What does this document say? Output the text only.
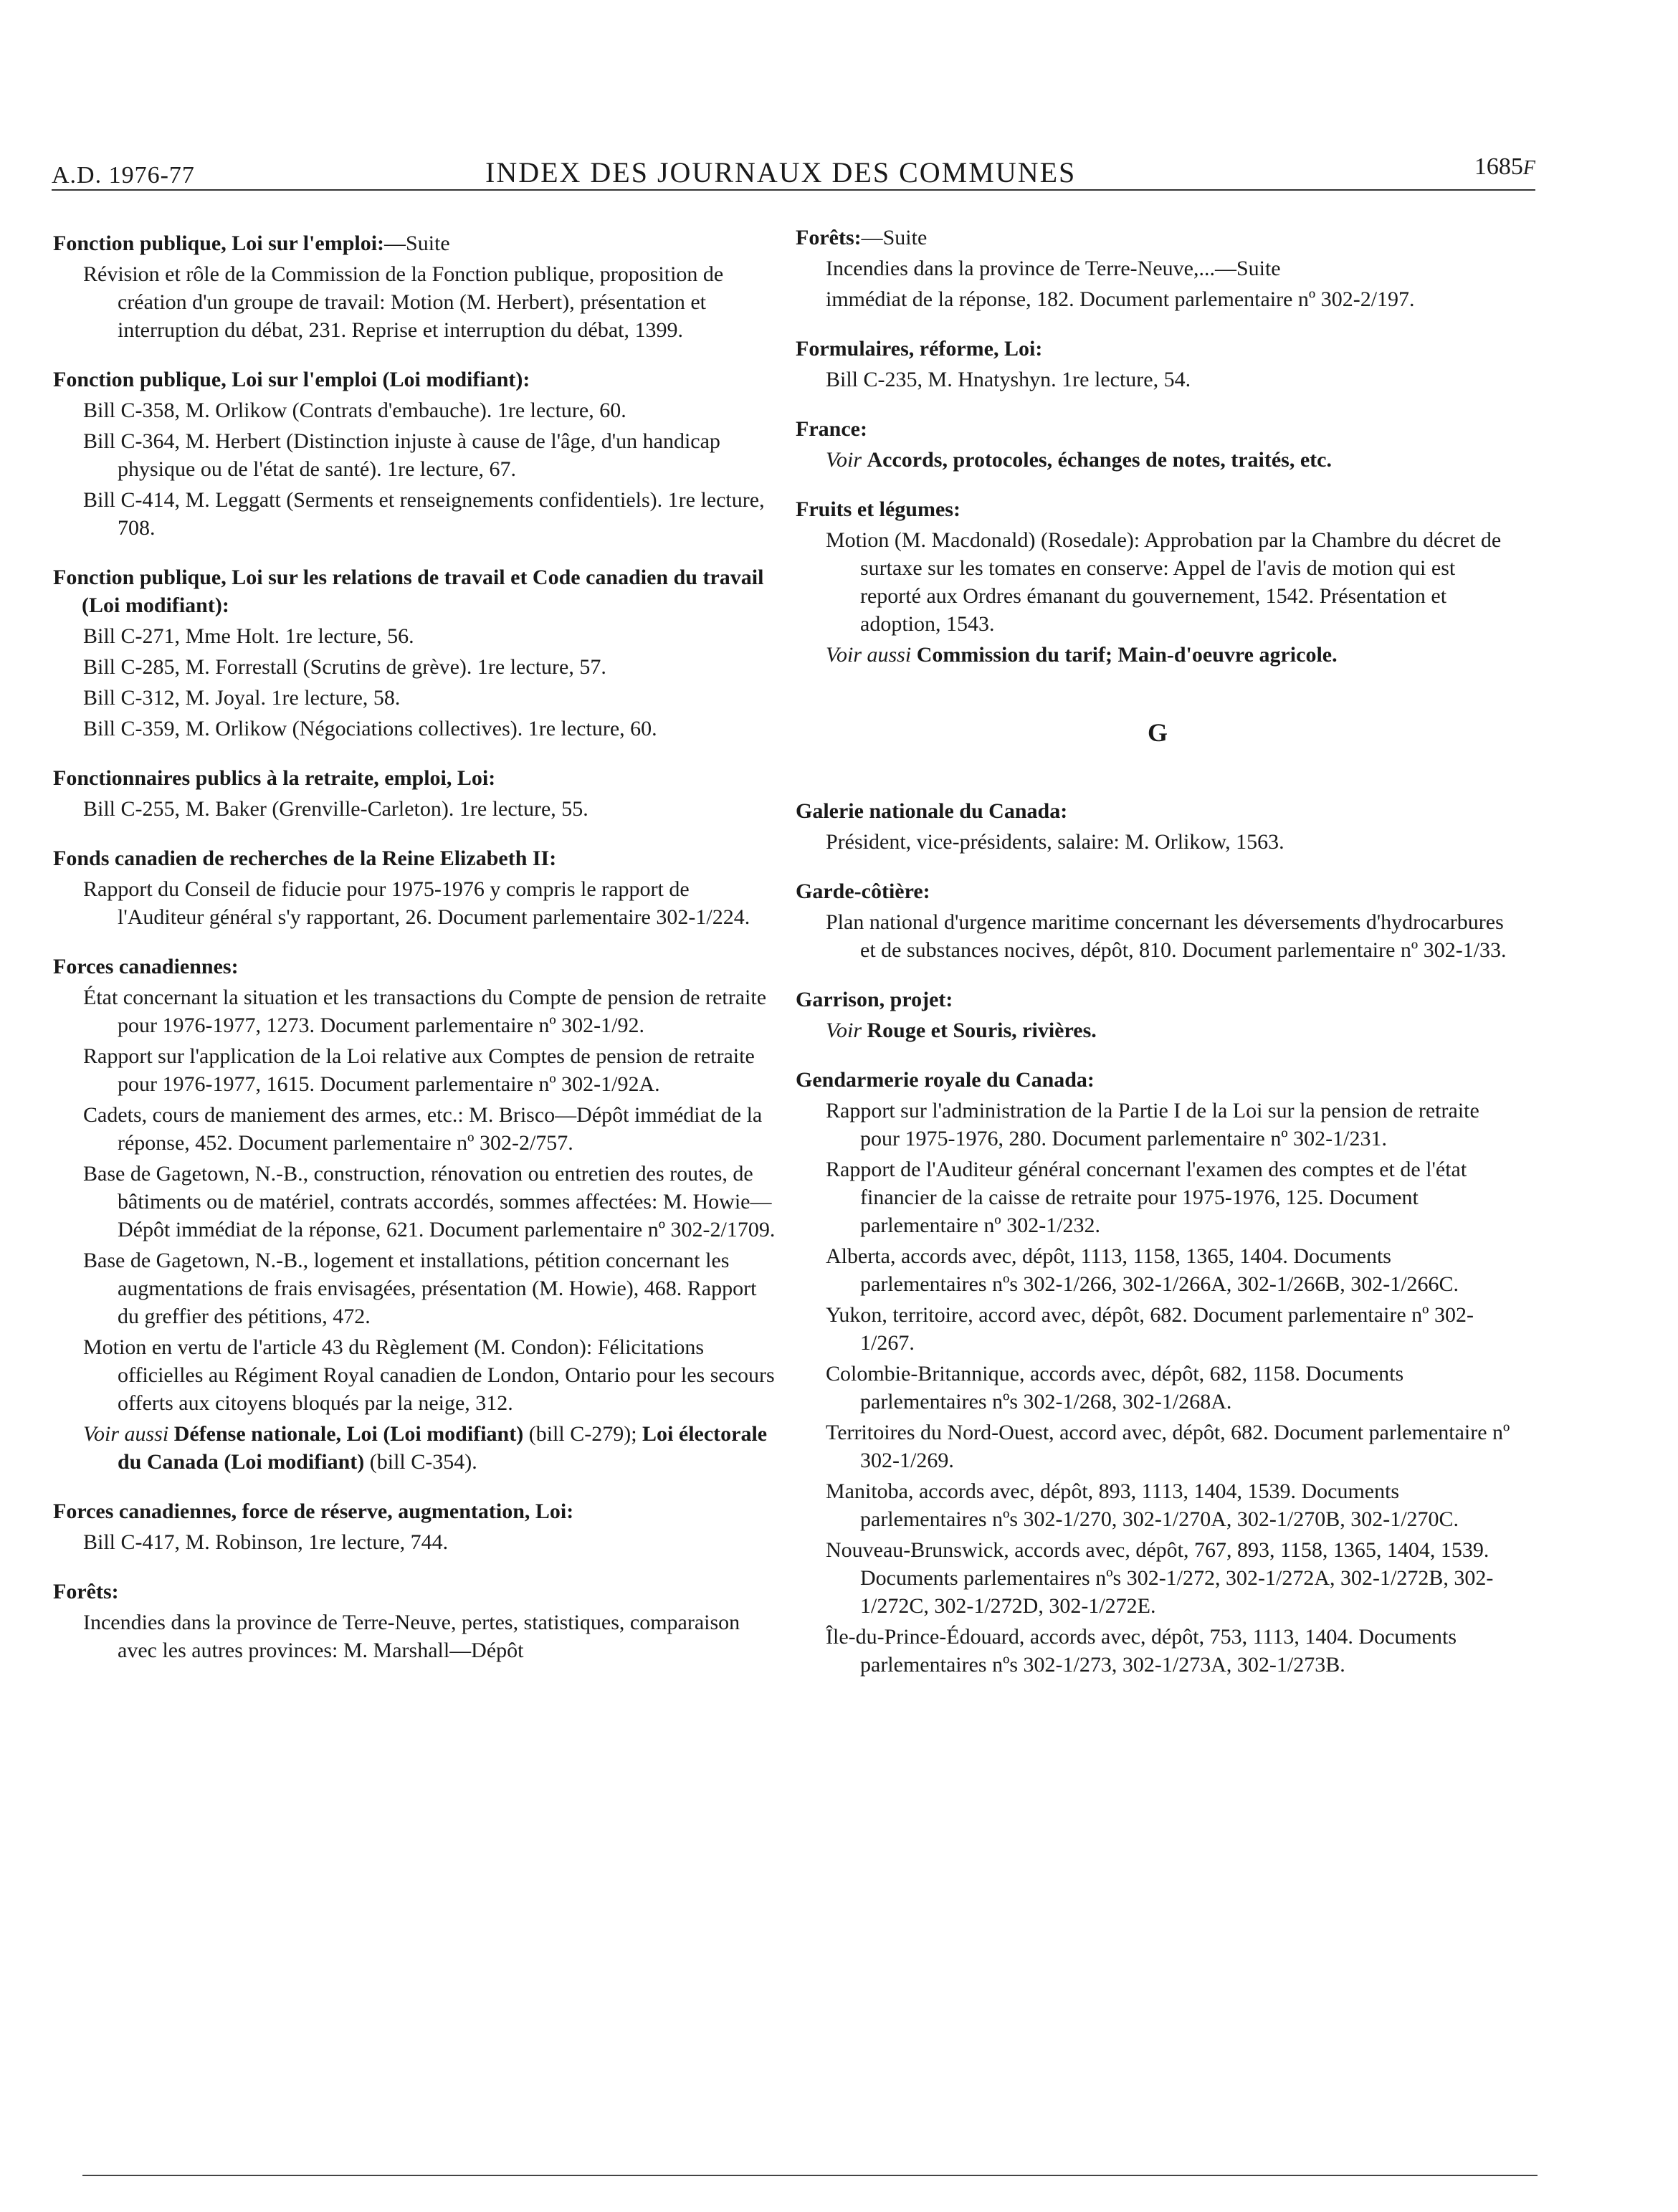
A.D. 1976-77	INDEX DES JOURNAUX DES COMMUNES	1685F
Fonction publique, Loi sur l'emploi:—Suite
Révision et rôle de la Commission de la Fonction publique, proposition de création d'un groupe de travail: Motion (M. Herbert), présentation et interruption du débat, 231. Reprise et interruption du débat, 1399.
Fonction publique, Loi sur l'emploi (Loi modifiant):
Bill C-358, M. Orlikow (Contrats d'embauche). 1re lecture, 60.
Bill C-364, M. Herbert (Distinction injuste à cause de l'âge, d'un handicap physique ou de l'état de santé). 1re lecture, 67.
Bill C-414, M. Leggatt (Serments et renseignements confidentiels). 1re lecture, 708.
Fonction publique, Loi sur les relations de travail et Code canadien du travail (Loi modifiant):
Bill C-271, Mme Holt. 1re lecture, 56.
Bill C-285, M. Forrestall (Scrutins de grève). 1re lecture, 57.
Bill C-312, M. Joyal. 1re lecture, 58.
Bill C-359, M. Orlikow (Négociations collectives). 1re lecture, 60.
Fonctionnaires publics à la retraite, emploi, Loi:
Bill C-255, M. Baker (Grenville-Carleton). 1re lecture, 55.
Fonds canadien de recherches de la Reine Elizabeth II:
Rapport du Conseil de fiducie pour 1975-1976 y compris le rapport de l'Auditeur général s'y rapportant, 26. Document parlementaire 302-1/224.
Forces canadiennes:
État concernant la situation et les transactions du Compte de pension de retraite pour 1976-1977, 1273. Document parlementaire nº 302-1/92.
Rapport sur l'application de la Loi relative aux Comptes de pension de retraite pour 1976-1977, 1615. Document parlementaire nº 302-1/92A.
Cadets, cours de maniement des armes, etc.: M. Brisco—Dépôt immédiat de la réponse, 452. Document parlementaire nº 302-2/757.
Base de Gagetown, N.-B., construction, rénovation ou entretien des routes, de bâtiments ou de matériel, contrats accordés, sommes affectées: M. Howie—Dépôt immédiat de la réponse, 621. Document parlementaire nº 302-2/1709.
Base de Gagetown, N.-B., logement et installations, pétition concernant les augmentations de frais envisagées, présentation (M. Howie), 468. Rapport du greffier des pétitions, 472.
Motion en vertu de l'article 43 du Règlement (M. Condon): Félicitations officielles au Régiment Royal canadien de London, Ontario pour les secours offerts aux citoyens bloqués par la neige, 312.
Voir aussi Défense nationale, Loi (Loi modifiant) (bill C-279); Loi électorale du Canada (Loi modifiant) (bill C-354).
Forces canadiennes, force de réserve, augmentation, Loi:
Bill C-417, M. Robinson, 1re lecture, 744.
Forêts:
Incendies dans la province de Terre-Neuve, pertes, statistiques, comparaison avec les autres provinces: M. Marshall—Dépôt
Forêts:—Suite
Incendies dans la province de Terre-Neuve,...—Suite
immédiat de la réponse, 182. Document parlementaire nº 302-2/197.
Formulaires, réforme, Loi:
Bill C-235, M. Hnatyshyn. 1re lecture, 54.
France:
Voir Accords, protocoles, échanges de notes, traités, etc.
Fruits et légumes:
Motion (M. Macdonald) (Rosedale): Approbation par la Chambre du décret de surtaxe sur les tomates en conserve: Appel de l'avis de motion qui est reporté aux Ordres émanant du gouvernement, 1542. Présentation et adoption, 1543.
Voir aussi Commission du tarif; Main-d'oeuvre agricole.
G
Galerie nationale du Canada:
Président, vice-présidents, salaire: M. Orlikow, 1563.
Garde-côtière:
Plan national d'urgence maritime concernant les déversements d'hydrocarbures et de substances nocives, dépôt, 810. Document parlementaire nº 302-1/33.
Garrison, projet:
Voir Rouge et Souris, rivières.
Gendarmerie royale du Canada:
Rapport sur l'administration de la Partie I de la Loi sur la pension de retraite pour 1975-1976, 280. Document parlementaire nº 302-1/231.
Rapport de l'Auditeur général concernant l'examen des comptes et de l'état financier de la caisse de retraite pour 1975-1976, 125. Document parlementaire nº 302-1/232.
Alberta, accords avec, dépôt, 1113, 1158, 1365, 1404. Documents parlementaires nºs 302-1/266, 302-1/266A, 302-1/266B, 302-1/266C.
Yukon, territoire, accord avec, dépôt, 682. Document parlementaire nº 302-1/267.
Colombie-Britannique, accords avec, dépôt, 682, 1158. Documents parlementaires nºs 302-1/268, 302-1/268A.
Territoires du Nord-Ouest, accord avec, dépôt, 682. Document parlementaire nº 302-1/269.
Manitoba, accords avec, dépôt, 893, 1113, 1404, 1539. Documents parlementaires nºs 302-1/270, 302-1/270A, 302-1/270B, 302-1/270C.
Nouveau-Brunswick, accords avec, dépôt, 767, 893, 1158, 1365, 1404, 1539. Documents parlementaires nºs 302-1/272, 302-1/272A, 302-1/272B, 302-1/272C, 302-1/272D, 302-1/272E.
Île-du-Prince-Édouard, accords avec, dépôt, 753, 1113, 1404. Documents parlementaires nºs 302-1/273, 302-1/273A, 302-1/273B.
